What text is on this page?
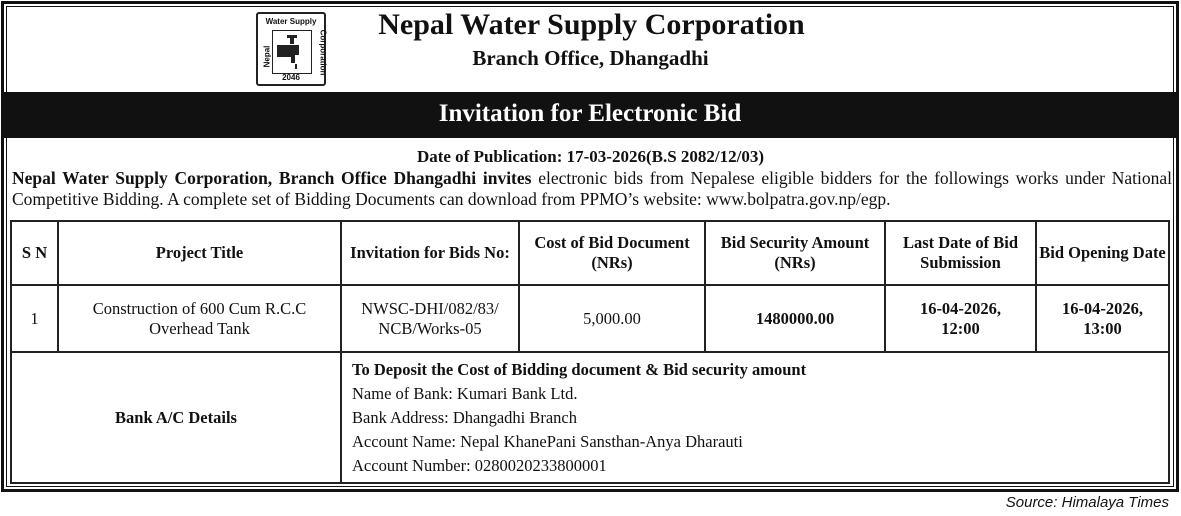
Water Supply
Nepal	Corporation
2046
Nepal Water Supply Corporation
Branch Office, Dhangadhi
Invitation for Electronic Bid
Date of Publication: 17-03-2026(B.S 2082/12/03)
Nepal Water Supply Corporation, Branch Office Dhangadhi invites electronic bids from Nepalese eligible bidders for the followings works under National Competitive Bidding. A complete set of Bidding Documents can download from PPMO’s website: www.bolpatra.gov.np/egp.
S N	Project Title	Invitation for Bids No:	Cost of Bid Document (NRs)	Bid Security Amount (NRs)	Last Date of Bid Submission	Bid Opening Date
1	Construction of 600 Cum R.C.C Overhead Tank	NWSC-DHI/082/83/ NCB/Works-05	5,000.00	1480000.00	16-04-2026, 12:00	16-04-2026, 13:00
Bank A/C Details		To Deposit the Cost of Bidding document & Bid security amount
Name of Bank: Kumari Bank Ltd.
Bank Address: Dhangadhi Branch
Account Name: Nepal KhanePani Sansthan-Anya Dharauti
Account Number: 0280020233800001				
Source: Himalaya Times
